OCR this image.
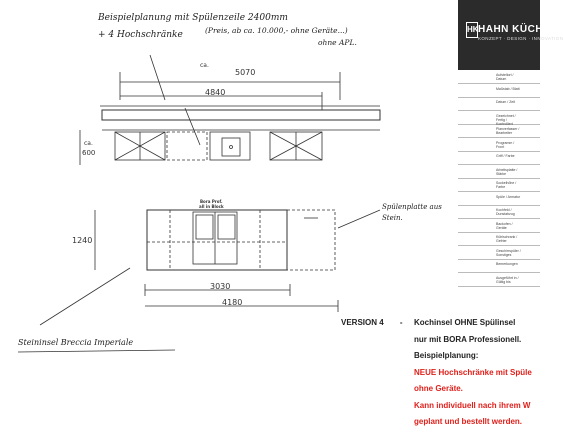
Beispielplanung mit Spülenzeile 2400mm
+ 4 Hochschränke	(Preis, ab ca. 10.000,- ohne Geräte...)
ohne APL.
ca.
5070
4840
ca.
600
1240
3030
4180
Bora Prof.
all in Block	Spülenplatte aus
Stein.
Steininsel Breccia Imperiale
HK HAHN KÜCHEN
KONZEPT · DESIGN · INNOVATION
Aufstellort / Datum
Maßstab / Blatt
Datum / Zeit
Gezeichnet / Fertig / Kontrolliert
Planverfasser / Bearbeiter
Programm / Front
Griff / Farbe
Arbeitsplatte / Stärke
Sockelhöhe / Farbe
Spüle / Armatur
Kochfeld / Dunstabzug
Backofen / Geräte
Kühlschrank / Gefrier
Geschirrspüler / Sonstiges
Bemerkungen
Ausgeführt in / Gültig bis
VERSION 4 - Kochinsel OHNE Spülinsel
nur mit BORA Professionell.
Beispielplanung:
NEUE Hochschränke mit Spüle
ohne Geräte.
Kann individuell nach ihrem W
geplant und bestellt werden.
